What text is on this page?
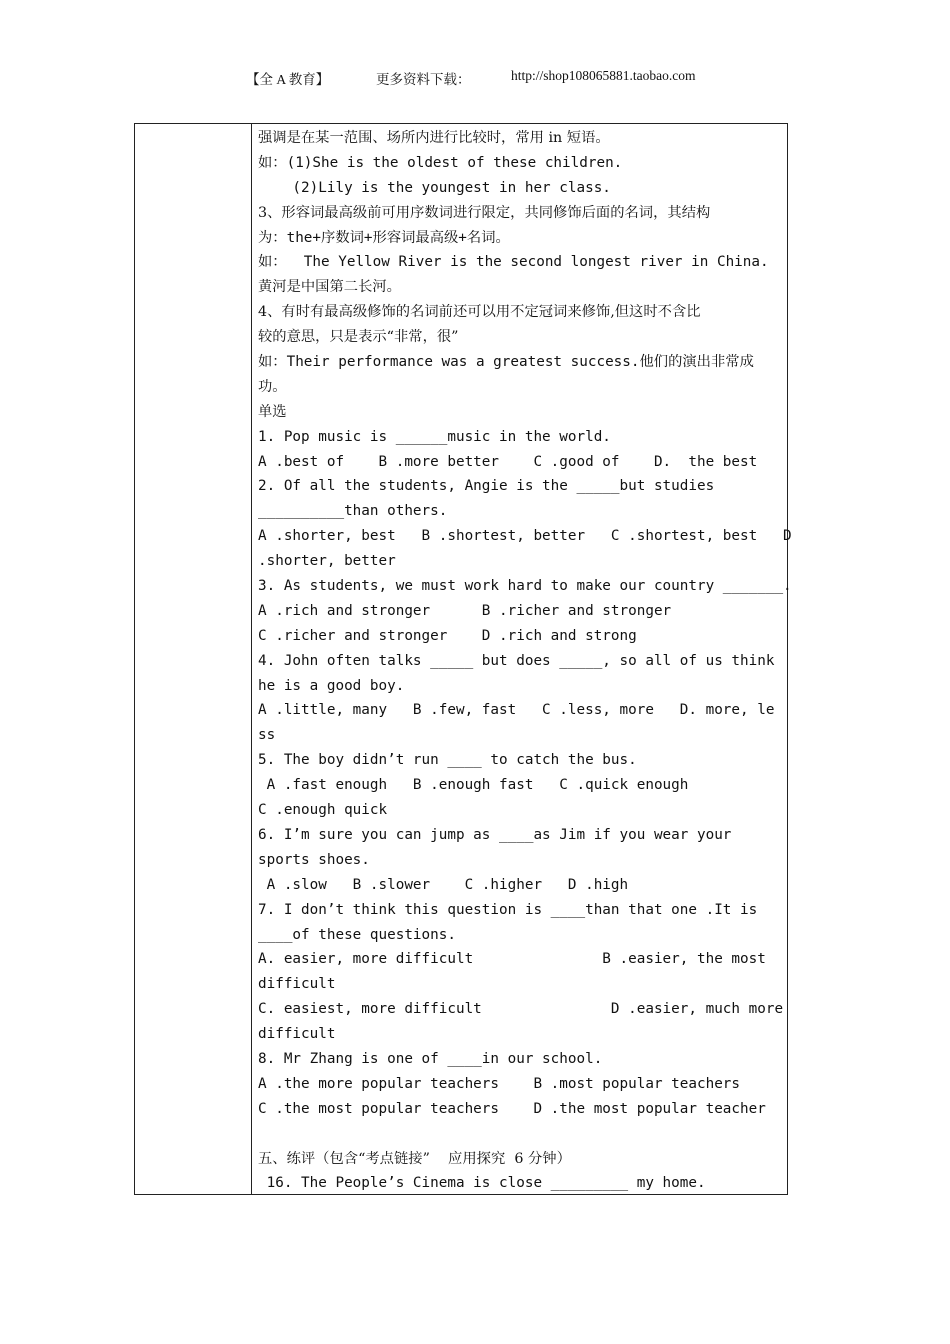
【全 A 教育】	更多资料下载：	http://shop108065881.taobao.com
强调是在某一范围、场所内进行比较时，常用 in 短语。
如：(1)She is the oldest of these children.
(2)Lily is the youngest in her class.
3、形容词最高级前可用序数词进行限定，共同修饰后面的名词，其结构
为：the+序数词+形容词最高级+名词。
如：  The Yellow River is the second longest river in China.
黄河是中国第二长河。
4、有时有最高级修饰的名词前还可以用不定冠词来修饰,但这时不含比
较的意思，只是表示“非常，很”
如：Their performance was a greatest success.他们的演出非常成
功。
单选
1. Pop music is ______music in the world.
A .best of    B .more better    C .good of    D.  the best
2. Of all the students, Angie is the _____but studies
__________than others.
A .shorter, best   B .shortest, better   C .shortest, best   D
.shorter, better
3. As students, we must work hard to make our country _______.
A .rich and stronger      B .richer and stronger
C .richer and stronger    D .rich and strong
4. John often talks _____ but does _____, so all of us think
he is a good boy.
A .little, many   B .few, fast   C .less, more   D. more, le
ss
5. The boy didn’t run ____ to catch the bus.
A .fast enough   B .enough fast   C .quick enough
C .enough quick
6. I’m sure you can jump as ____as Jim if you wear your
sports shoes.
A .slow   B .slower    C .higher   D .high
7. I don’t think this question is ____than that one .It is
____of these questions.
A. easier, more difficult               B .easier, the most
difficult
C. easiest, more difficult               D .easier, much more
difficult
8. Mr Zhang is one of ____in our school.
A .the more popular teachers    B .most popular teachers
C .the most popular teachers    D .the most popular teacher
五、练评（包含“考点链接”    应用探究  6 分钟）
16. The People’s Cinema is close _________ my home.
